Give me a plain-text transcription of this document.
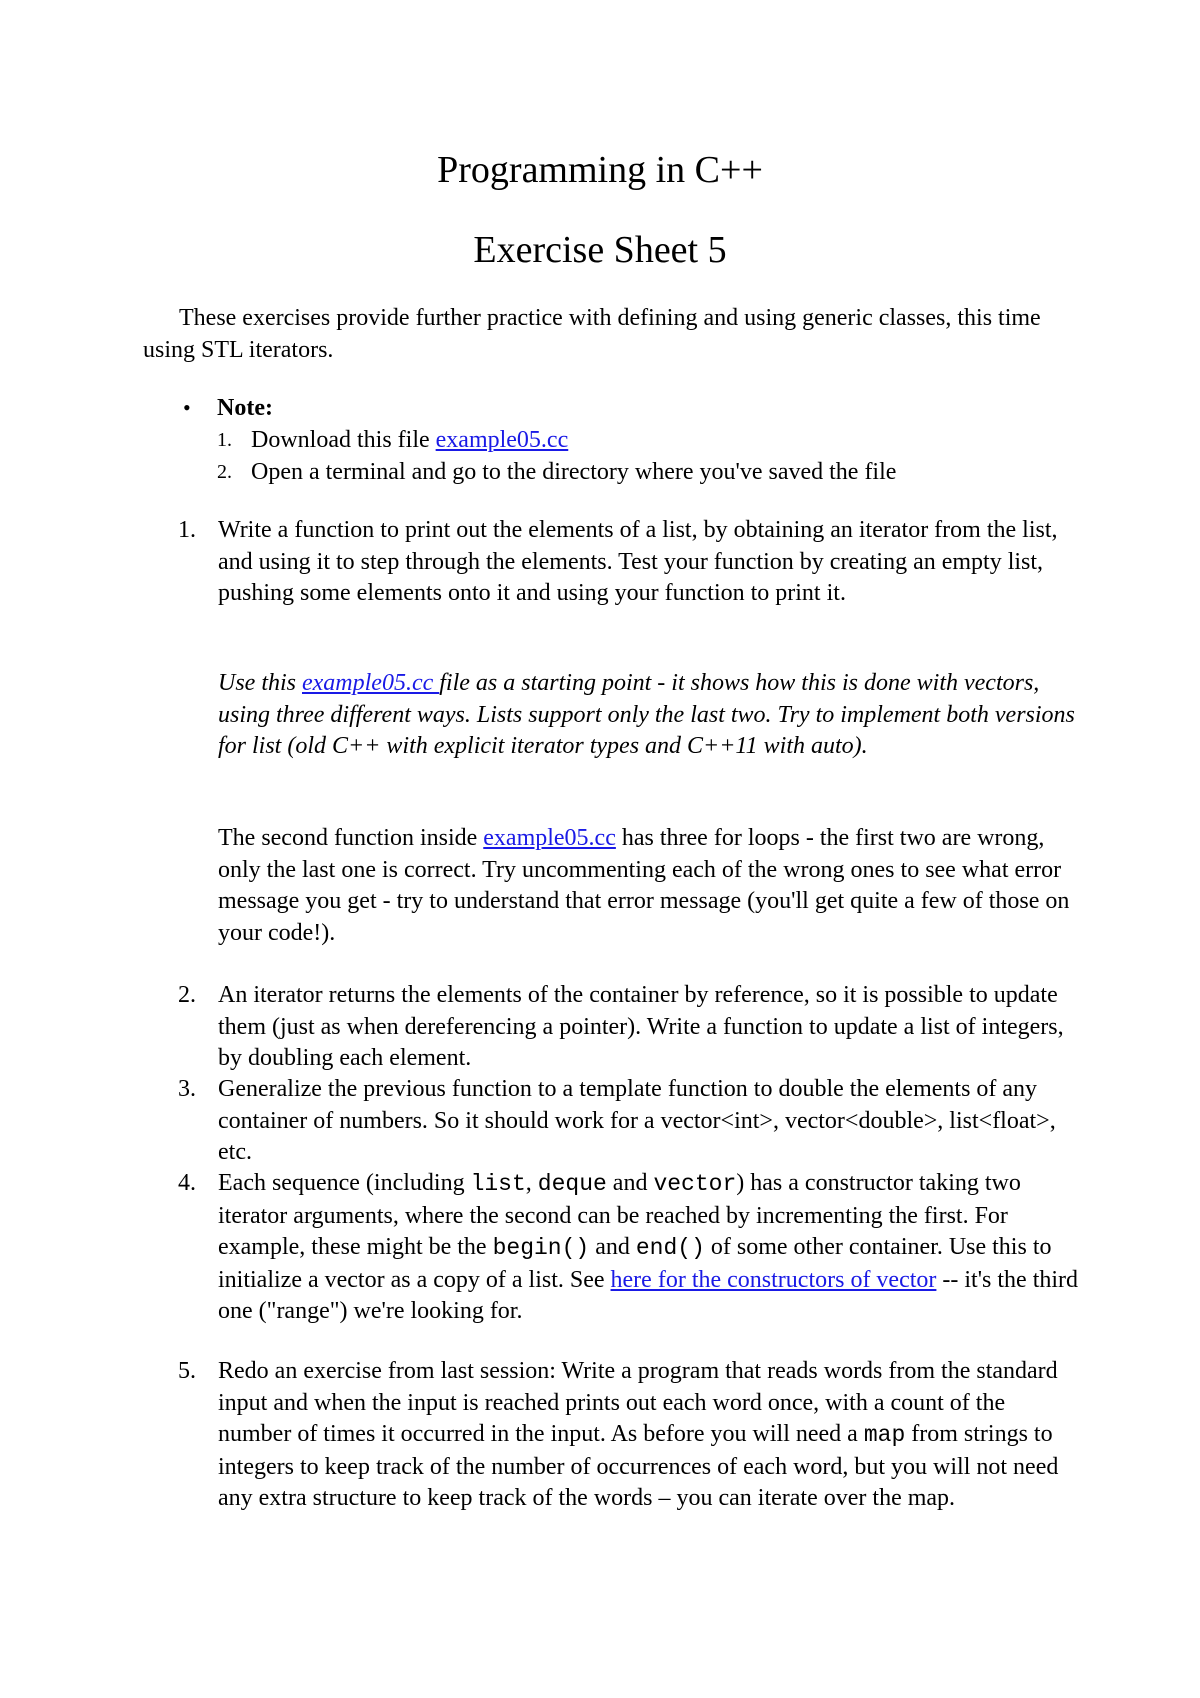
Programming in C++
Exercise Sheet 5

These exercises provide further practice with defining and using generic classes, this time using STL iterators.

• Note:
1. Download this file example05.cc
2. Open a terminal and go to the directory where you've saved the file

1. Write a function to print out the elements of a list, by obtaining an iterator from the list, and using it to step through the elements. Test your function by creating an empty list, pushing some elements onto it and using your function to print it.

Use this example05.cc file as a starting point - it shows how this is done with vectors, using three different ways. Lists support only the last two. Try to implement both versions for list (old C++ with explicit iterator types and C++11 with auto).

The second function inside example05.cc has three for loops - the first two are wrong, only the last one is correct. Try uncommenting each of the wrong ones to see what error message you get - try to understand that error message (you'll get quite a few of those on your code!).

2. An iterator returns the elements of the container by reference, so it is possible to update them (just as when dereferencing a pointer). Write a function to update a list of integers, by doubling each element.

3. Generalize the previous function to a template function to double the elements of any container of numbers. So it should work for a vector<int>, vector<double>, list<float>, etc.

4. Each sequence (including list, deque and vector) has a constructor taking two iterator arguments, where the second can be reached by incrementing the first. For example, these might be the begin() and end() of some other container. Use this to initialize a vector as a copy of a list. See here for the constructors of vector -- it's the third one ("range") we're looking for.

5. Redo an exercise from last session: Write a program that reads words from the standard input and when the input is reached prints out each word once, with a count of the number of times it occurred in the input. As before you will need a map from strings to integers to keep track of the number of occurrences of each word, but you will not need any extra structure to keep track of the words – you can iterate over the map.
